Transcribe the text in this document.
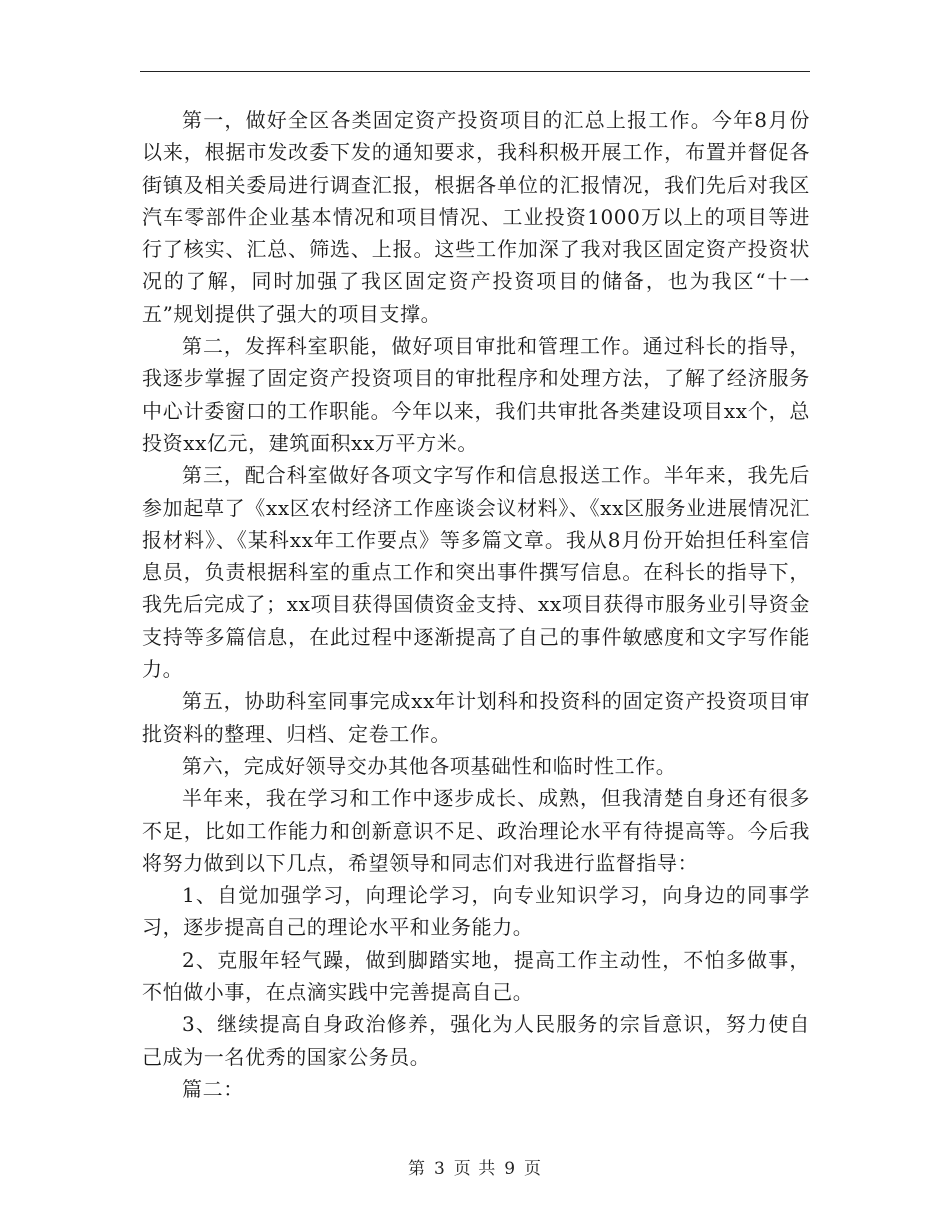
第一，做好全区各类固定资产投资项目的汇总上报工作。今年8月份以来，根据市发改委下发的通知要求，我科积极开展工作，布置并督促各街镇及相关委局进行调查汇报，根据各单位的汇报情况，我们先后对我区汽车零部件企业基本情况和项目情况、工业投资1000万以上的项目等进行了核实、汇总、筛选、上报。这些工作加深了我对我区固定资产投资状况的了解，同时加强了我区固定资产投资项目的储备，也为我区“十一五”规划提供了强大的项目支撑。

第二，发挥科室职能，做好项目审批和管理工作。通过科长的指导，我逐步掌握了固定资产投资项目的审批程序和处理方法，了解了经济服务中心计委窗口的工作职能。今年以来，我们共审批各类建设项目xx个，总投资xx亿元，建筑面积xx万平方米。

第三，配合科室做好各项文字写作和信息报送工作。半年来，我先后参加起草了《xx区农村经济工作座谈会议材料》、《xx区服务业进展情况汇报材料》、《某科xx年工作要点》等多篇文章。我从8月份开始担任科室信息员，负责根据科室的重点工作和突出事件撰写信息。在科长的指导下，我先后完成了；xx项目获得国债资金支持、xx项目获得市服务业引导资金支持等多篇信息，在此过程中逐渐提高了自己的事件敏感度和文字写作能力。

第五，协助科室同事完成xx年计划科和投资科的固定资产投资项目审批资料的整理、归档、定卷工作。

第六，完成好领导交办其他各项基础性和临时性工作。

半年来，我在学习和工作中逐步成长、成熟，但我清楚自身还有很多不足，比如工作能力和创新意识不足、政治理论水平有待提高等。今后我将努力做到以下几点，希望领导和同志们对我进行监督指导：

1、自觉加强学习，向理论学习，向专业知识学习，向身边的同事学习，逐步提高自己的理论水平和业务能力。

2、克服年轻气躁，做到脚踏实地，提高工作主动性，不怕多做事，不怕做小事，在点滴实践中完善提高自己。

3、继续提高自身政治修养，强化为人民服务的宗旨意识，努力使自己成为一名优秀的国家公务员。

篇二：

第 3 页 共 9 页
